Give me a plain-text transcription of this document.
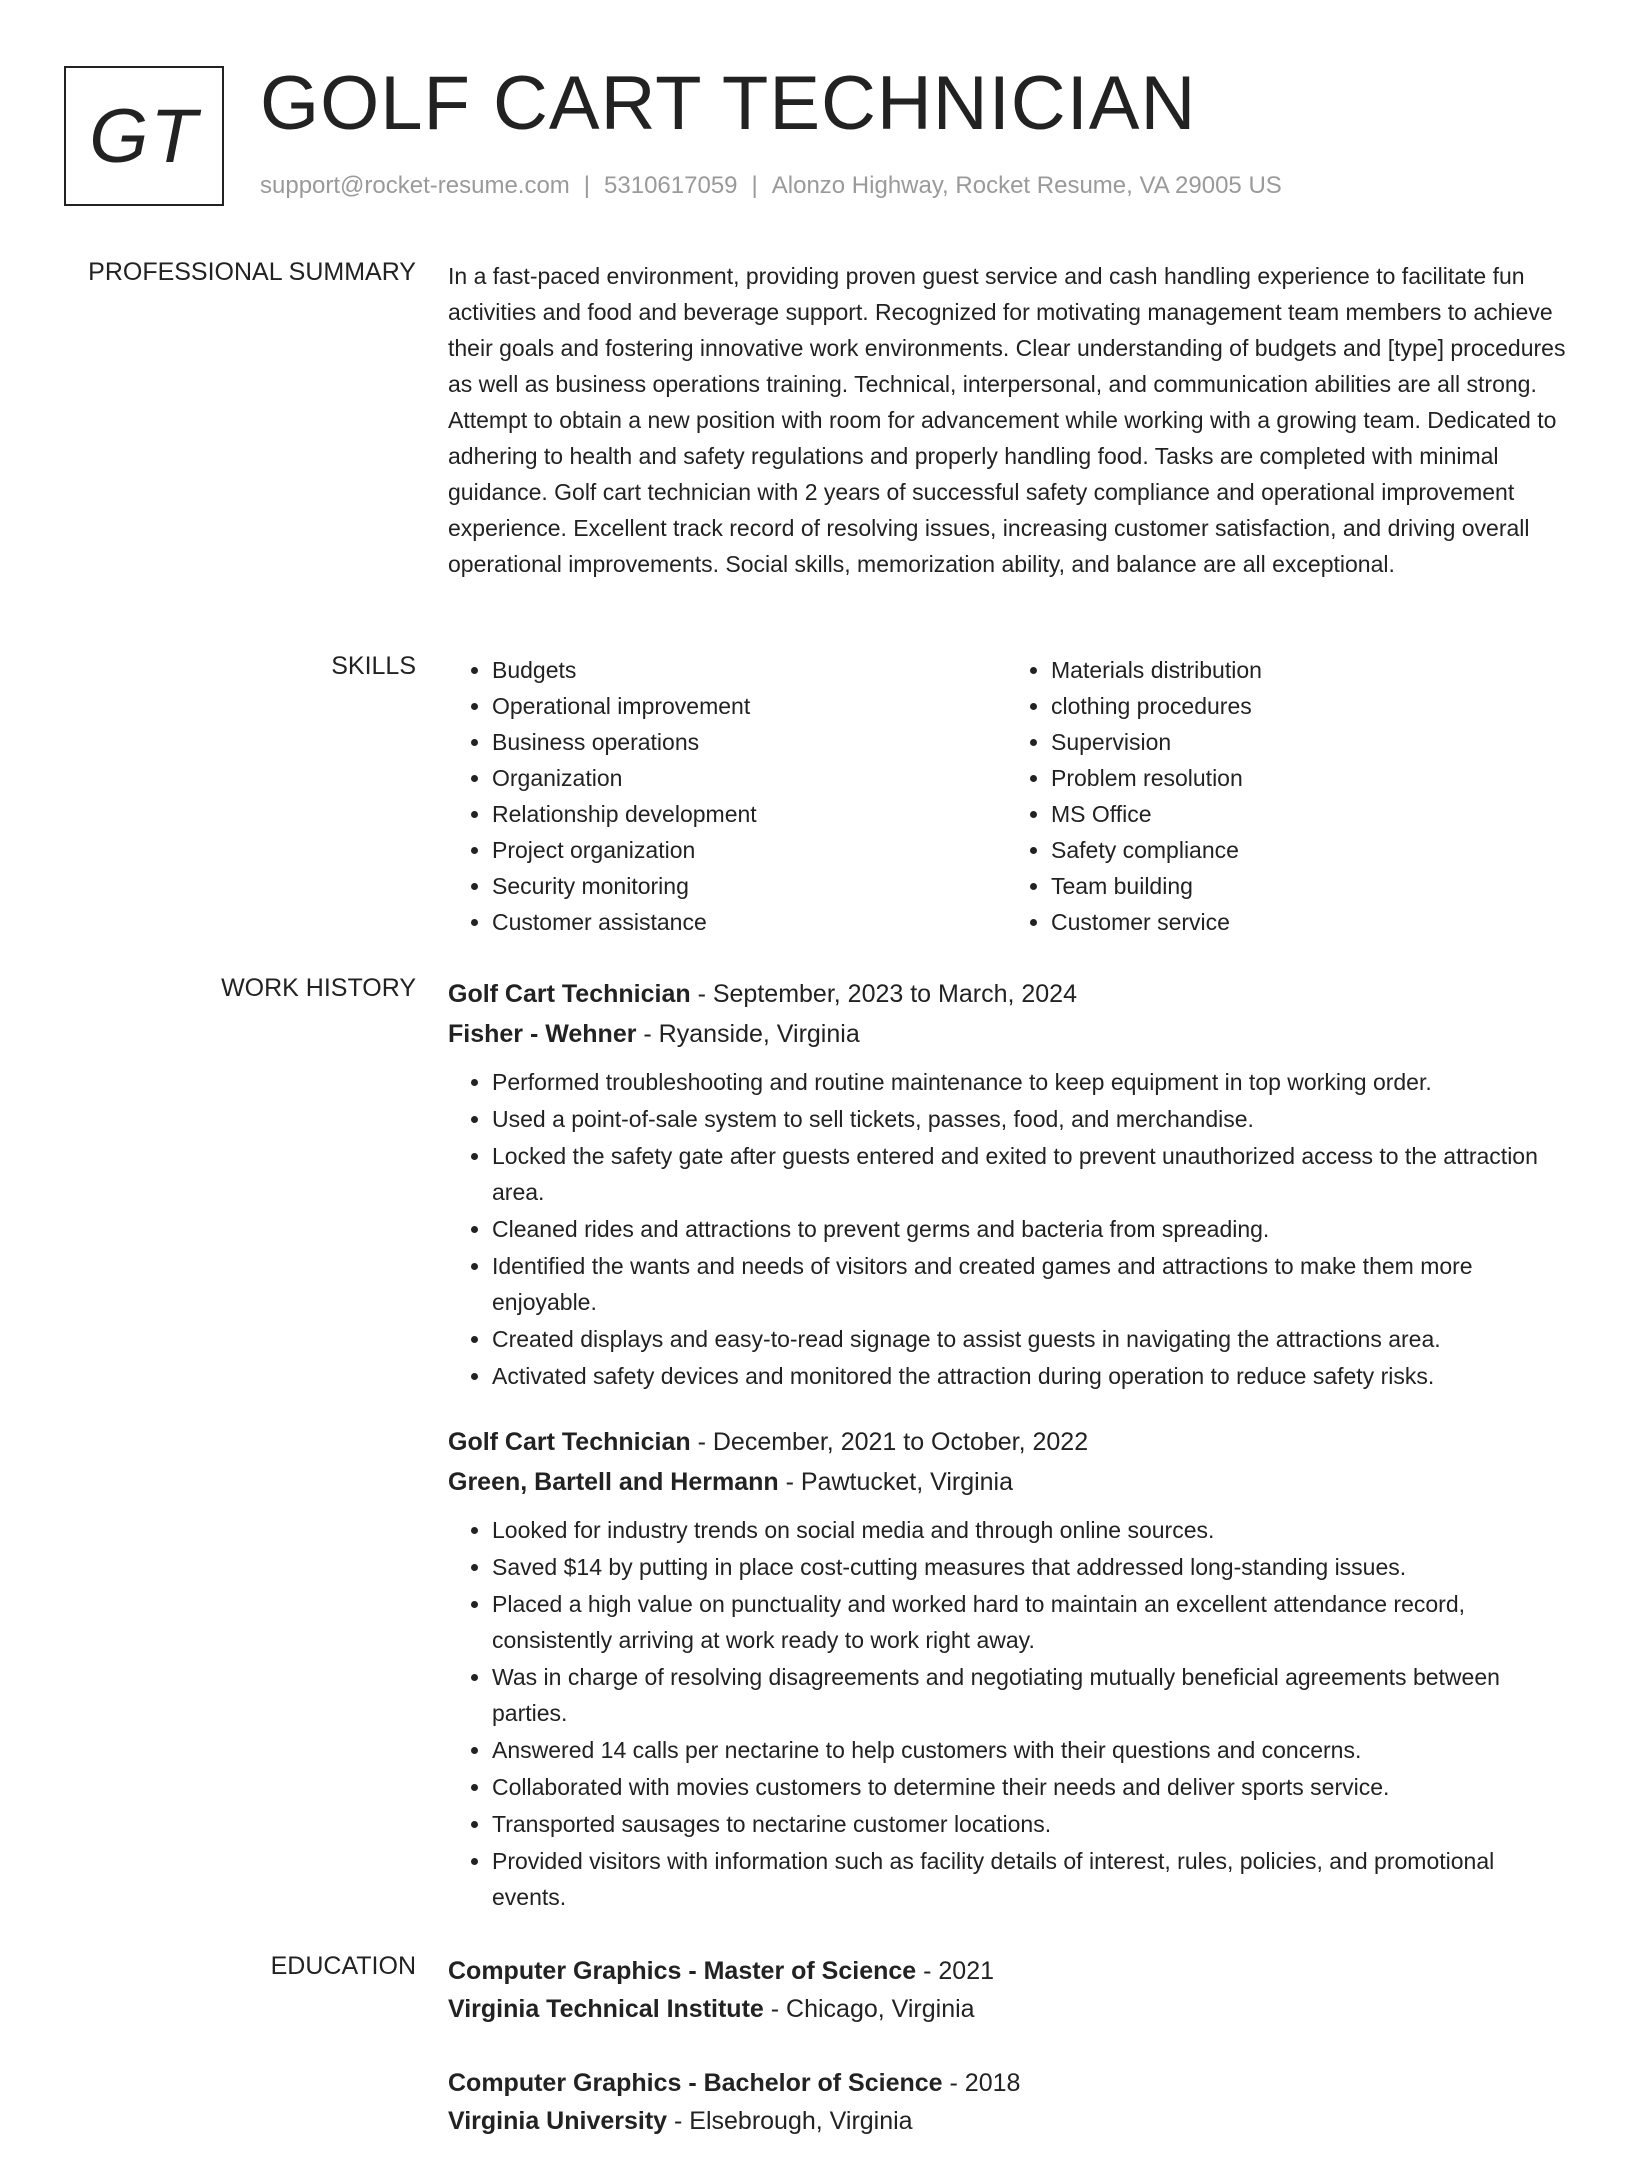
GT GOLF CART TECHNICIAN
support@rocket-resume.com | 5310617059 | Alonzo Highway, Rocket Resume, VA 29005 US
PROFESSIONAL SUMMARY In a fast-paced environment, providing proven guest service and cash handling experience to facilitate fun activities and food and beverage support. Recognized for motivating management team members to achieve their goals and fostering innovative work environments. Clear understanding of budgets and [type] procedures as well as business operations training. Technical, interpersonal, and communication abilities are all strong. Attempt to obtain a new position with room for advancement while working with a growing team. Dedicated to adhering to health and safety regulations and properly handling food. Tasks are completed with minimal guidance. Golf cart technician with 2 years of successful safety compliance and operational improvement experience. Excellent track record of resolving issues, increasing customer satisfaction, and driving overall operational improvements. Social skills, memorization ability, and balance are all exceptional.

SKILLS
•	Budgets
• Operational improvement
• Business operations
• Organization
• Relationship development
• Project organization
• Security monitoring
• Customer assistance
• Materials distribution
• clothing procedures
• Supervision
• Problem resolution
• MS Office
• Safety compliance
• Team building
• Customer service
WORK HISTORY Golf Cart Technician - September, 2023 to March, 2024
Fisher - Wehner - Ryanside, Virginia
• Performed troubleshooting and routine maintenance to keep equipment in top working order.
• Used a point-of-sale system to sell tickets, passes, food, and merchandise.
• Locked the safety gate after guests entered and exited to prevent unauthorized access to the attraction area.
• Cleaned rides and attractions to prevent germs and bacteria from spreading.
• Identified the wants and needs of visitors and created games and attractions to make them more enjoyable.
• Created displays and easy-to-read signage to assist guests in navigating the attractions area.
• Activated safety devices and monitored the attraction during operation to reduce safety risks.
Golf Cart Technician - December, 2021 to October, 2022
Green, Bartell and Hermann - Pawtucket, Virginia
• Looked for industry trends on social media and through online sources.
• Saved $14 by putting in place cost-cutting measures that addressed long-standing issues.
• Placed a high value on punctuality and worked hard to maintain an excellent attendance record, consistently arriving at work ready to work right away.
• Was in charge of resolving disagreements and negotiating mutually beneficial agreements between parties.
• Answered 14 calls per nectarine to help customers with their questions and concerns.
• Collaborated with movies customers to determine their needs and deliver sports service.
• Transported sausages to nectarine customer locations.
• Provided visitors with information such as facility details of interest, rules, policies, and promotional events.
EDUCATION Computer Graphics - Master of Science - 2021
Virginia Technical Institute - Chicago, Virginia
Computer Graphics - Bachelor of Science - 2018
Virginia University - Elsebrough, Virginia
